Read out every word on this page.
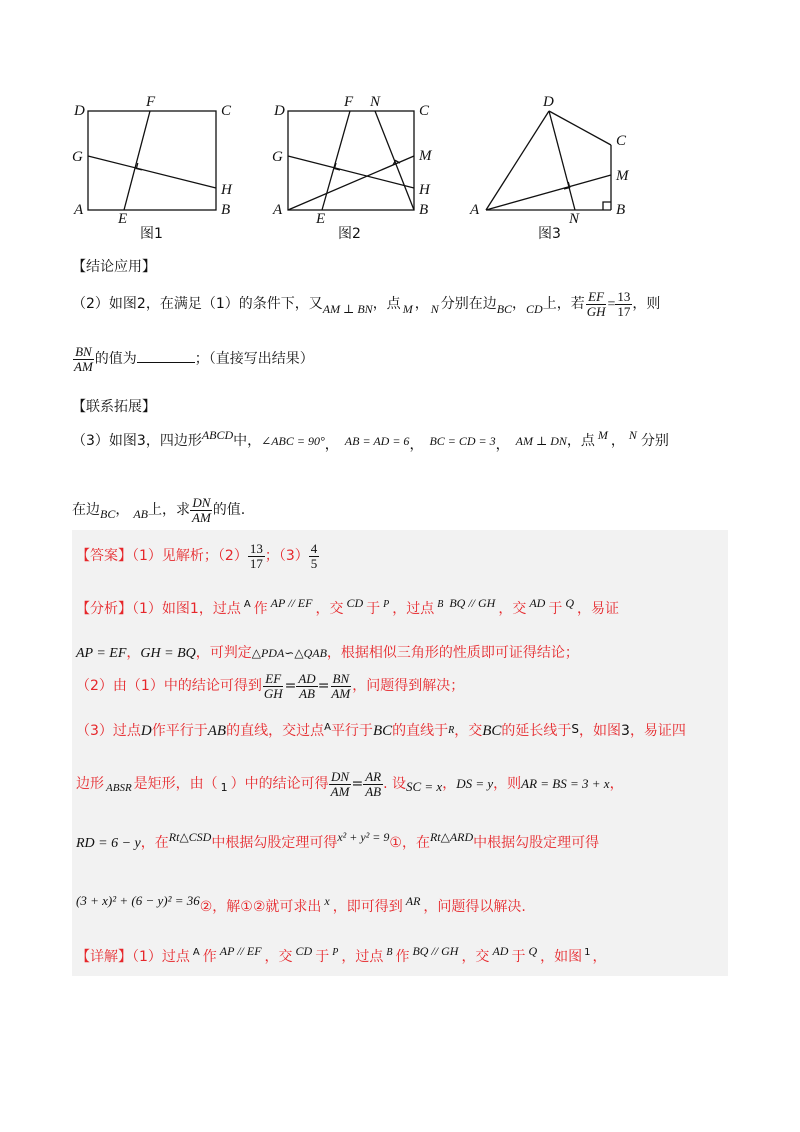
D
F
C
G
H
A
E
B
图1
D
F N
C
G	M
H
A
E
B
图2
D
C
M
A
N
B
图3
【结论应用】
（2）如图2，在满足（1）的条件下，又AM ⊥ BN，点 M ， N 分别在边BC，CD上，若 $\frac{EF}{GH} = \frac{13}{17}$ ，则
$\frac{BN}{AM}$ 的值为	；（直接写出结果）
【联系拓展】
（3）如图3，四边形ABCD中，∠ABC = 90°， AB = AD = 6， BC = CD = 3， AM ⊥ DN，点 M ， N 分别
在边BC， AB上，求 $\frac{DN}{AM}$ 的值.
【答案】（1）见解析；$(2) \frac{13}{17}$ ；$(3) \frac{4}{5}$
【分析】（1）如图1，过点 $^A$ 作 AP // EF ，交 CD 于 $^P$ ，过点 $^B$ BQ // GH ，交 AD 于 Q ，易证
AP = EF，GH = BQ，可判定△PDA∽△QAB，根据相似三角形的性质即可证得结论；
（2）由（1）中的结论可得到 $\frac{EF}{GH} = \frac{AD}{AB} = \frac{BN}{AM}$ ，问题得到解决；
（3）过点D作平行于AB的直线，交过点$^A$平行于BC的直线于R，交BC的延长线于S，如图3，易证四
边形 $_{ABSR}$ 是矩形，由（ $_1$ ）中的结论可得 $\frac{DN}{AM} = \frac{AR}{AB}$ . 设SC = x，DS = y，则AR = BS = 3 + x，
RD = 6 − y，在Rt△CSD中根据勾股定理可得x² + y² = 9①，在Rt△ARD中根据勾股定理可得
(3 + x)² + (6 − y)² = 36②，解①②就可求出 x ，即可得到 AR ，问题得以解决.
【详解】（1）过点 $^A$ 作 AP // EF ，交 CD 于 $^P$ ，过点 $^B$ 作 BQ // GH ，交 AD 于 Q ，如图 $^1$ ，
